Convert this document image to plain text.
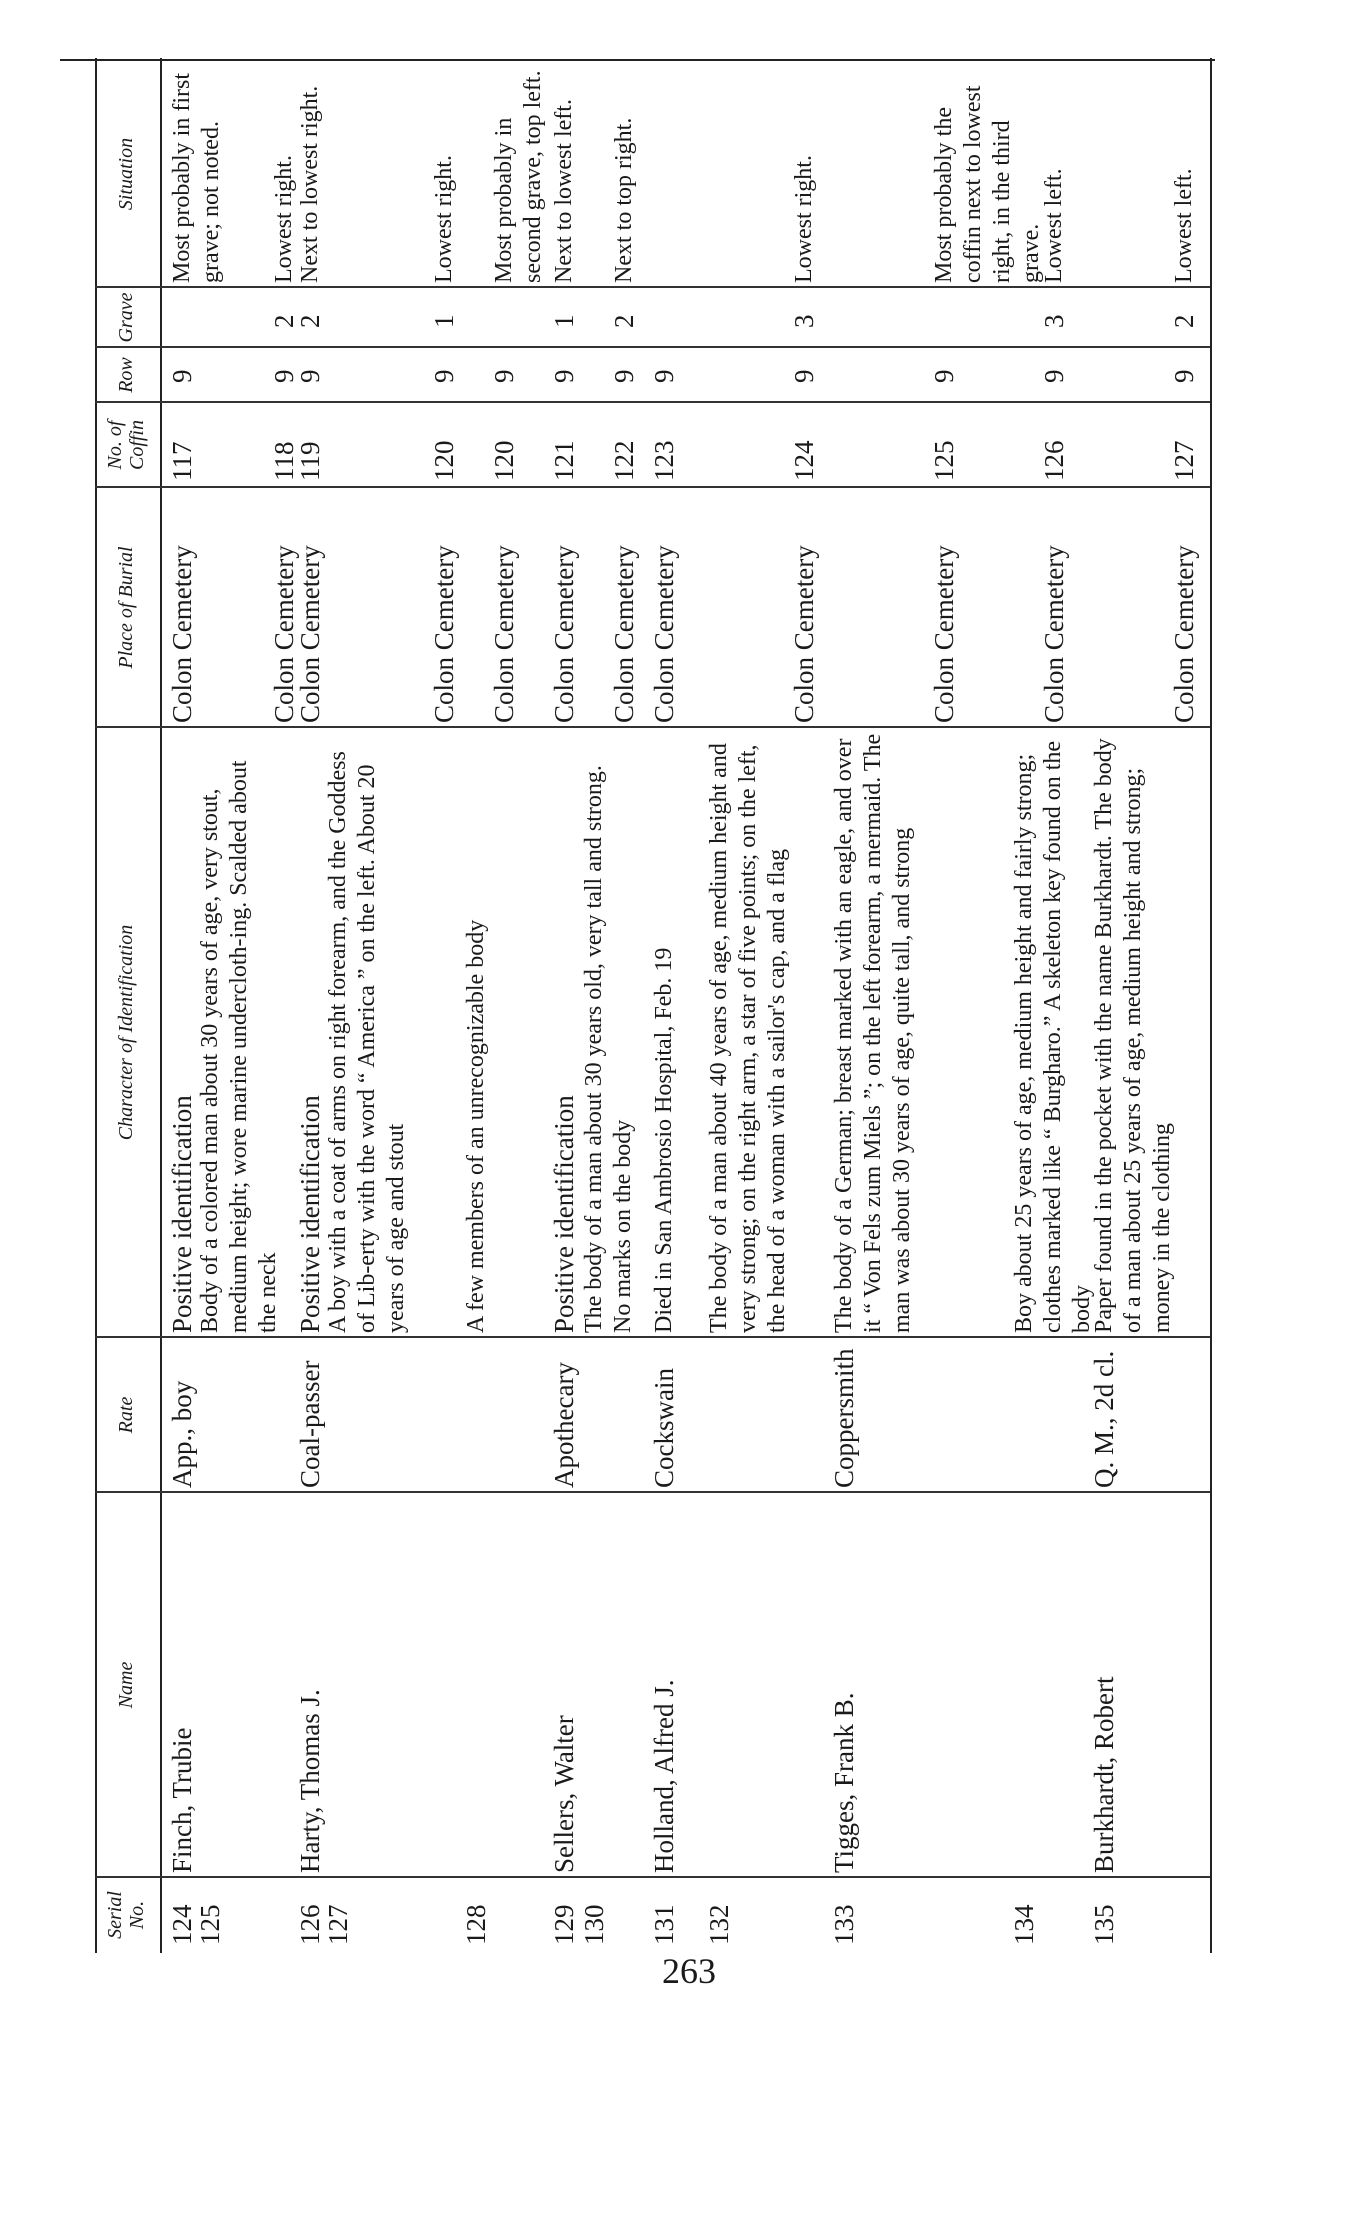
Serial No.
Name
Rate
Character of Identification
Place of Burial
No. of Coffin
Row
Grave
Situation
124
Finch, Trubie
App., boy
Positive identification
Colon Cemetery
117
9
Most probably in first grave; not noted.
125
Body of a colored man about 30 years of age, very stout, medium height; wore marine undercloth-ing. Scalded about the neck
Colon Cemetery
118
9
2
Lowest right.
126
Harty, Thomas J.
Coal-passer
Positive identification
Colon Cemetery
119
9
2
Next to lowest right.
127
A boy with a coat of arms on right forearm, and the Goddess of Lib-erty with the word “ America ” on the left. About 20 years of age and stout
Colon Cemetery
120
9
1
Lowest right.
128
A few members of an unrecognizable body
Colon Cemetery
120
9
Most probably in second grave, top left.
129
Sellers, Walter
Apothecary
Positive identification
Colon Cemetery
121
9
1
Next to lowest left.
130
The body of a man about 30 years old, very tall and strong. No marks on the body
Colon Cemetery
122
9
2
Next to top right.
131
Holland, Alfred J.
Cockswain
Died in San Ambrosio Hospital, Feb. 19
Colon Cemetery
123
9
132
The body of a man about 40 years of age, medium height and very strong; on the right arm, a star of five points; on the left, the head of a woman with a sailor's cap, and a flag
Colon Cemetery
124
9
3
Lowest right.
133
Tigges, Frank B.
Coppersmith
The body of a German; breast marked with an eagle, and over it “ Von Fels zum Miels ”; on the left forearm, a mermaid. The man was about 30 years of age, quite tall, and strong
Colon Cemetery
125
9
Most probably the coffin next to lowest right, in the third grave.
134
Boy about 25 years of age, medium height and fairly strong; clothes marked like “ Burgharo.” A skeleton key found on the body
Colon Cemetery
126
9
3
Lowest left.
135
Burkhardt, Robert
Q. M., 2d cl.
Paper found in the pocket with the name Burkhardt. The body of a man about 25 years of age, medium height and strong; money in the clothing
Colon Cemetery
127
9
2
Lowest left.
263
